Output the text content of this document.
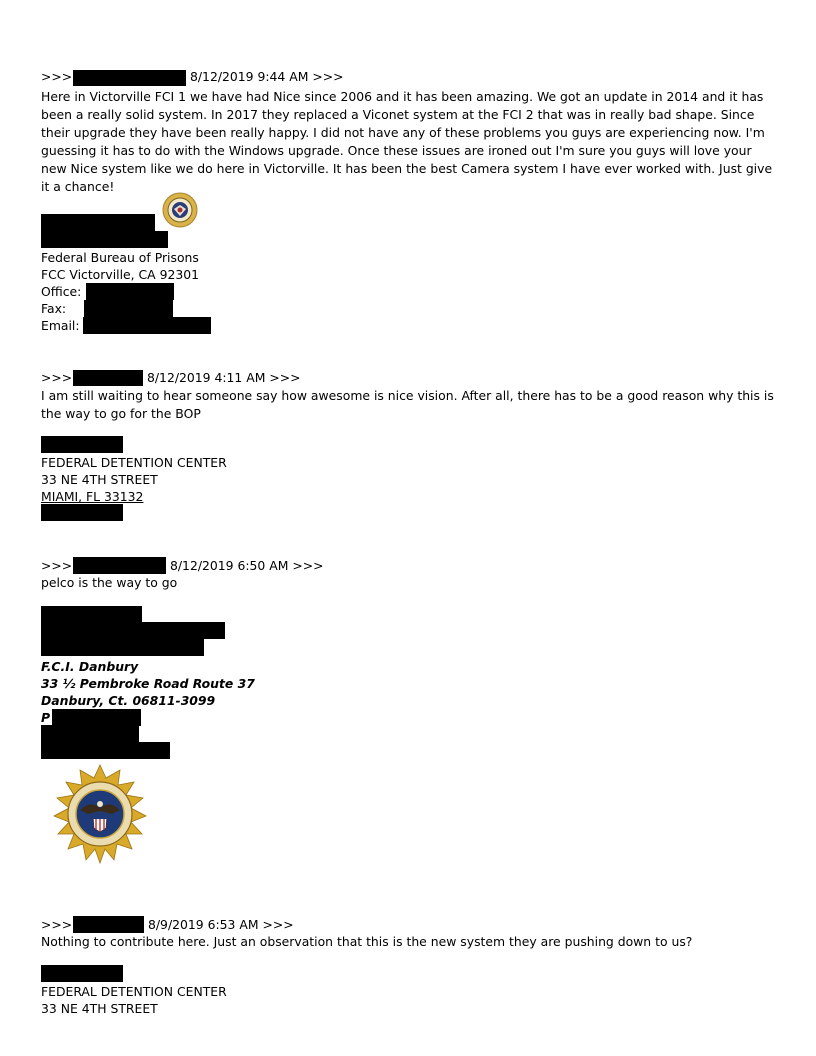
>>>	8/12/2019 9:44 AM >>>
Here in Victorville FCI 1 we have had Nice since 2006 and it has been amazing. We got an update in 2014 and it has been a really solid system. In 2017 they replaced a Viconet system at the FCI 2 that was in really bad shape. Since their upgrade they have been really happy. I did not have any of these problems you guys are experiencing now. I'm guessing it has to do with the Windows upgrade. Once these issues are ironed out I'm sure you guys will love your new Nice system like we do here in Victorville. It has been the best Camera system I have ever worked with. Just give it a chance!
Federal Bureau of Prisons
FCC Victorville, CA 92301
Office:
Fax:
Email:
>>>	8/12/2019 4:11 AM >>>
I am still waiting to hear someone say how awesome is nice vision. After all, there has to be a good reason why this is the way to go for the BOP
FEDERAL DETENTION CENTER
33 NE 4TH STREET
MIAMI, FL 33132
>>>	8/12/2019 6:50 AM >>>
pelco is the way to go
F.C.I. Danbury
33 ½ Pembroke Road Route 37
Danbury, Ct. 06811-3099
P
>>>	8/9/2019 6:53 AM >>>
Nothing to contribute here. Just an observation that this is the new system they are pushing down to us?
FEDERAL DETENTION CENTER
33 NE 4TH STREET
